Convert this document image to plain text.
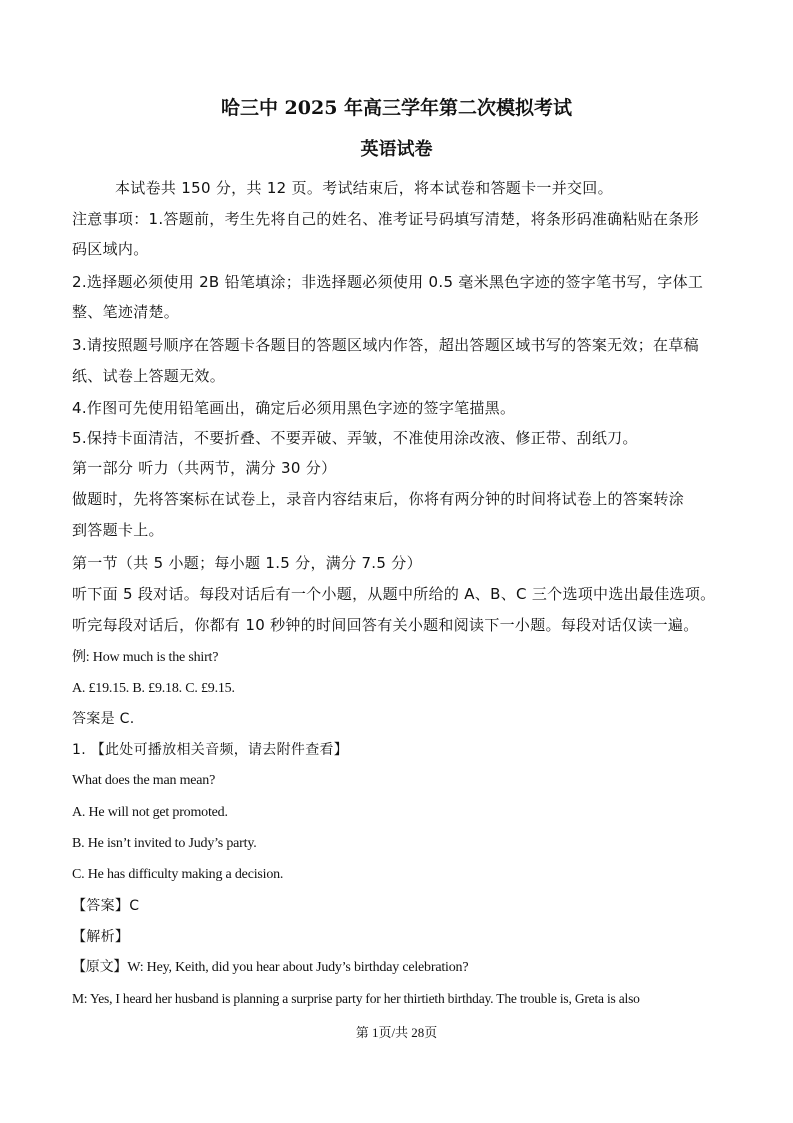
哈三中 2025 年高三学年第二次模拟考试
英语试卷
本试卷共 150 分，共 12 页。考试结束后，将本试卷和答题卡一并交回。
注意事项：1.答题前，考生先将自己的姓名、准考证号码填写清楚，将条形码准确粘贴在条形
码区域内。
2.选择题必须使用 2B 铅笔填涂；非选择题必须使用 0.5 毫米黑色字迹的签字笔书写，字体工
整、笔迹清楚。
3.请按照题号顺序在答题卡各题目的答题区域内作答，超出答题区域书写的答案无效；在草稿
纸、试卷上答题无效。
4.作图可先使用铅笔画出，确定后必须用黑色字迹的签字笔描黑。
5.保持卡面清洁，不要折叠、不要弄破、弄皱，不准使用涂改液、修正带、刮纸刀。
第一部分 听力（共两节，满分 30 分）
做题时，先将答案标在试卷上，录音内容结束后，你将有两分钟的时间将试卷上的答案转涂
到答题卡上。
第一节（共 5 小题；每小题 1.5 分，满分 7.5 分）
听下面 5 段对话。每段对话后有一个小题，从题中所给的 A、B、C 三个选项中选出最佳选项。
听完每段对话后，你都有 10 秒钟的时间回答有关小题和阅读下一小题。每段对话仅读一遍。
例: How much is the shirt?
A. £19.15. B. £9.18. C. £9.15.
答案是 C.
1. 【此处可播放相关音频，请去附件查看】
What does the man mean?
A. He will not get promoted.
B. He isn’t invited to Judy’s party.
C. He has difficulty making a decision.
【答案】C
【解析】
【原文】W: Hey, Keith, did you hear about Judy’s birthday celebration?
M: Yes, I heard her husband is planning a surprise party for her thirtieth birthday. The trouble is, Greta is also
第 1页/共 28页
